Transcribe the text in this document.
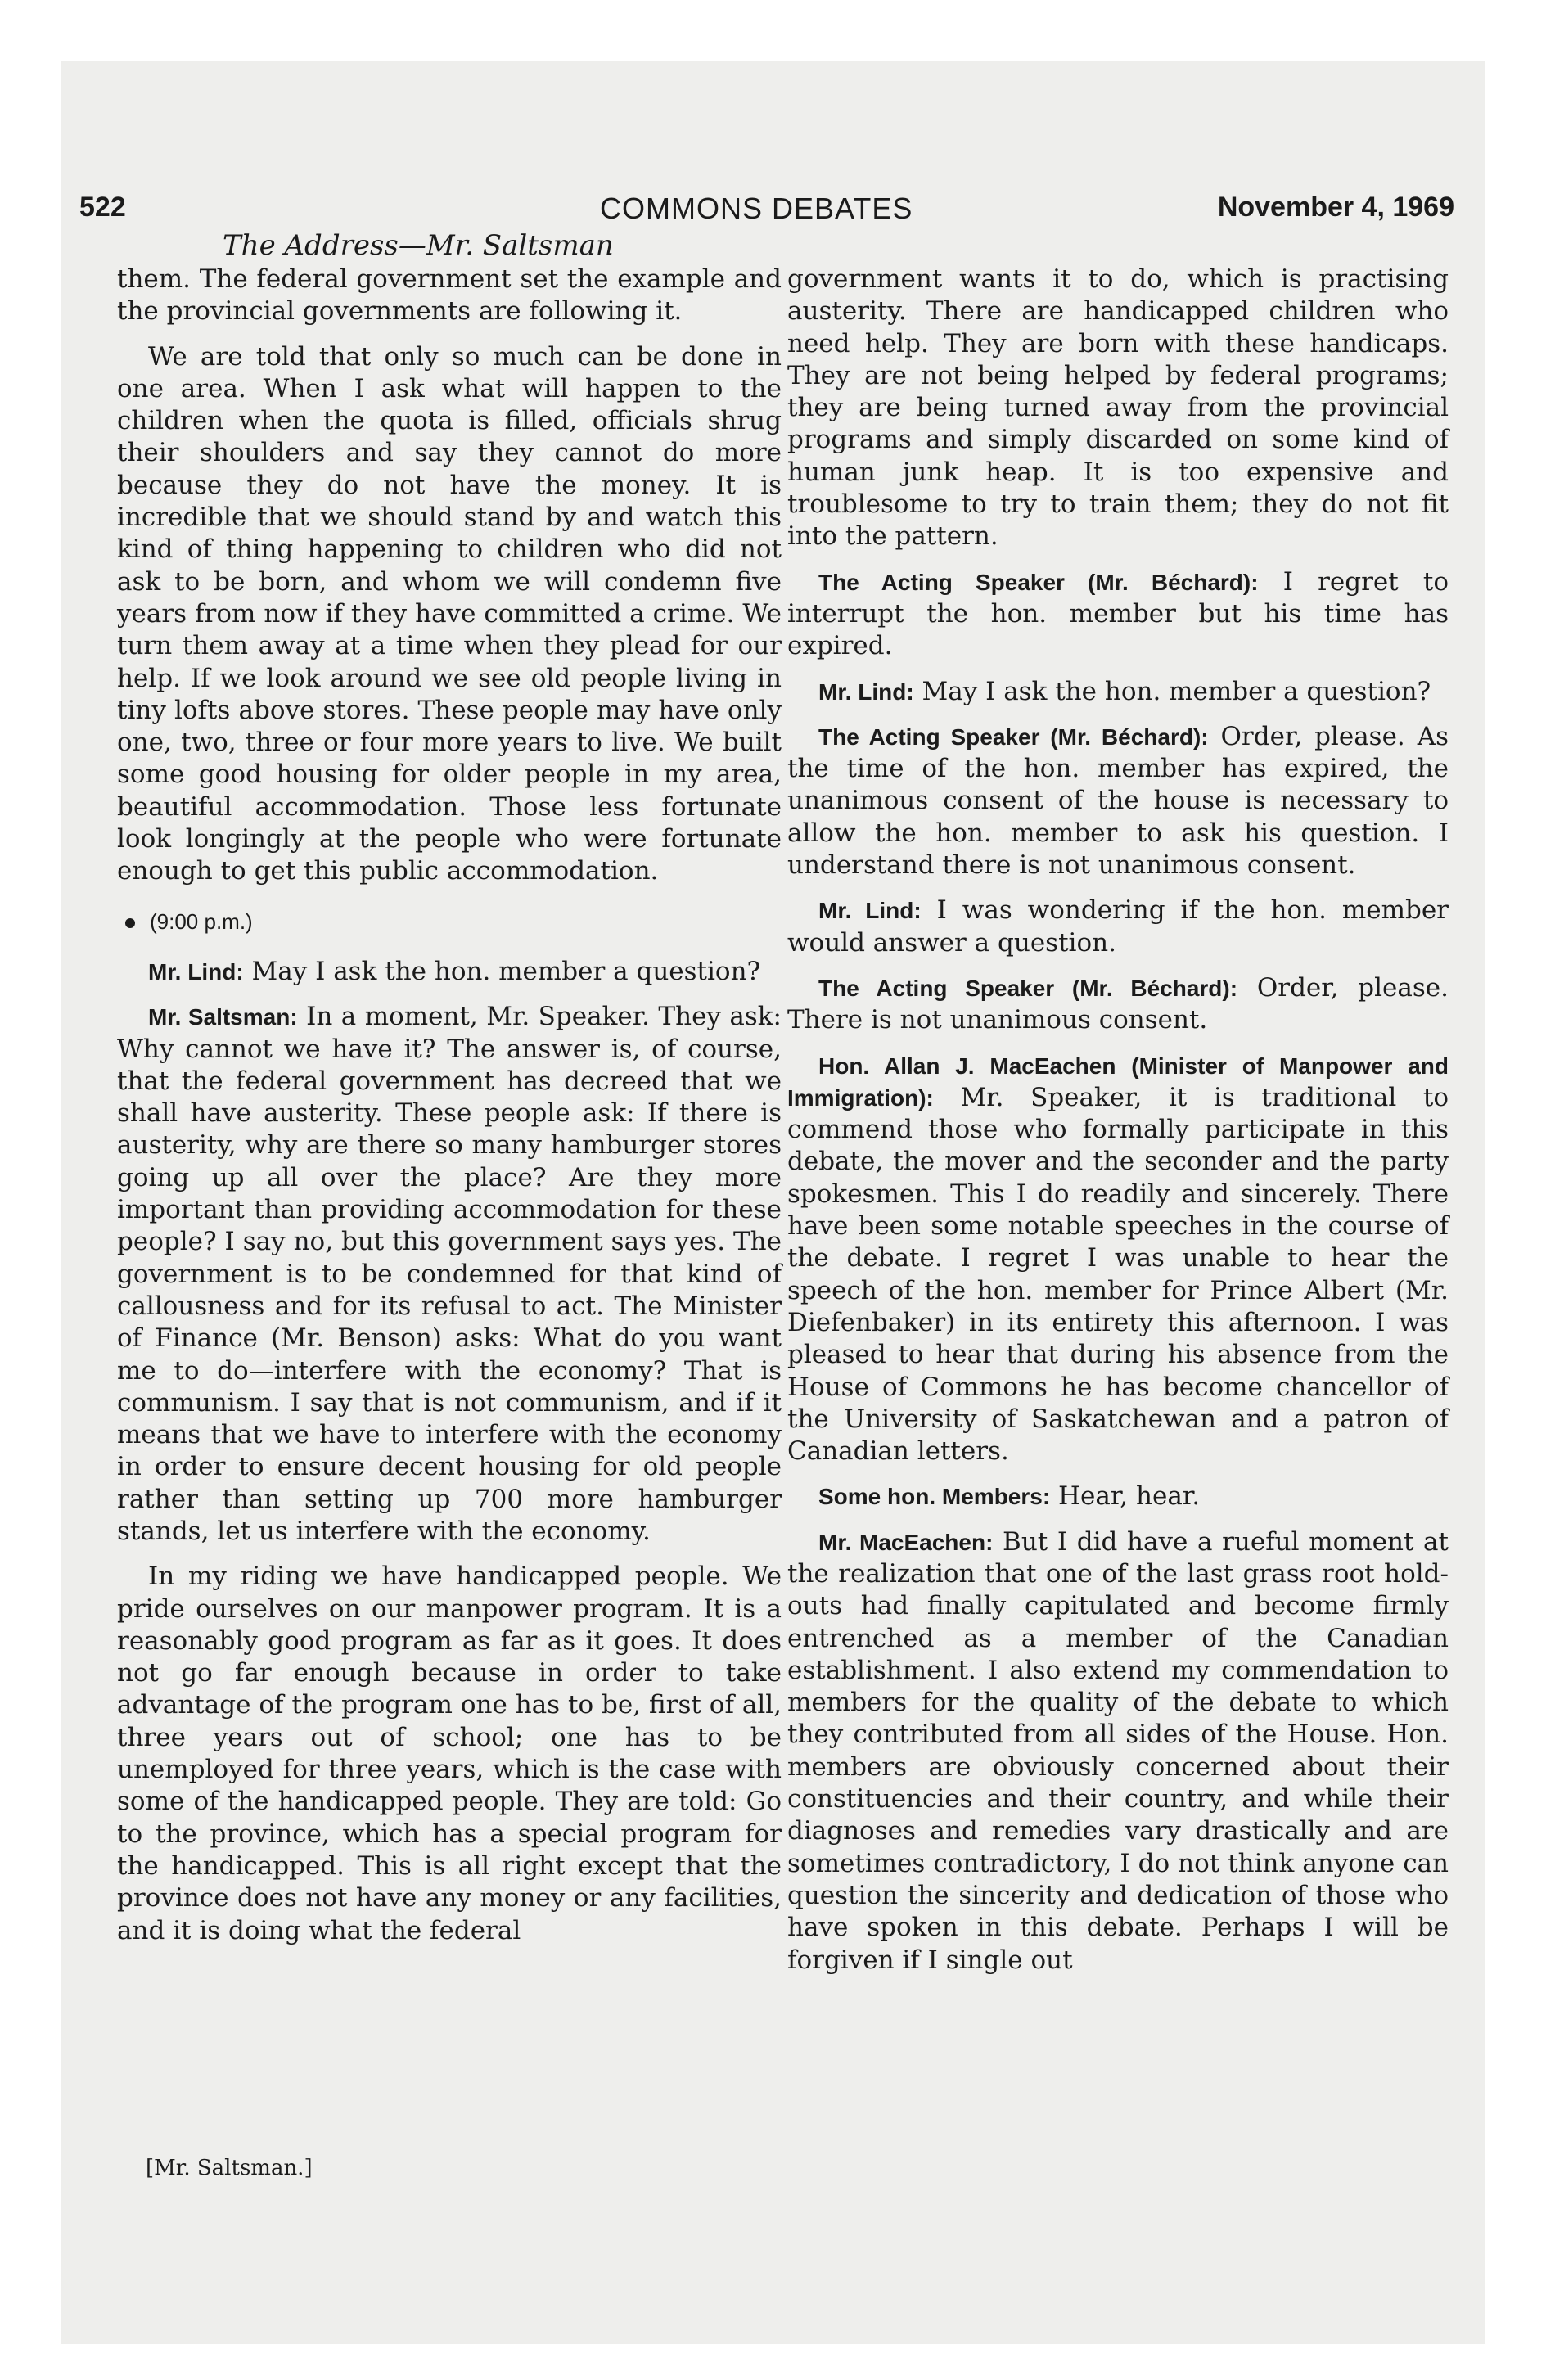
522	COMMONS DEBATES	November 4, 1969
The Address—Mr. Saltsman

them. The federal government set the example and the provincial governments are following it.

We are told that only so much can be done in one area. When I ask what will happen to the children when the quota is filled, officials shrug their shoulders and say they cannot do more because they do not have the money. It is incredible that we should stand by and watch this kind of thing happening to children who did not ask to be born, and whom we will condemn five years from now if they have committed a crime. We turn them away at a time when they plead for our help. If we look around we see old people living in tiny lofts above stores. These people may have only one, two, three or four more years to live. We built some good housing for older people in my area, beautiful accommodation. Those less fortunate look longingly at the people who were fortunate enough to get this public accommodation.

(9:00 p.m.)

Mr. Lind: May I ask the hon. member a question?

Mr. Saltsman: In a moment, Mr. Speaker. They ask: Why cannot we have it? The answer is, of course, that the federal government has decreed that we shall have austerity. These people ask: If there is austerity, why are there so many hamburger stores going up all over the place? Are they more important than providing accommodation for these people? I say no, but this government says yes. The government is to be condemned for that kind of callousness and for its refusal to act. The Minister of Finance (Mr. Benson) asks: What do you want me to do—interfere with the economy? That is communism. I say that is not communism, and if it means that we have to interfere with the economy in order to ensure decent housing for old people rather than setting up 700 more hamburger stands, let us interfere with the economy.

In my riding we have handicapped people. We pride ourselves on our manpower program. It is a reasonably good program as far as it goes. It does not go far enough because in order to take advantage of the program one has to be, first of all, three years out of school; one has to be unemployed for three years, which is the case with some of the handicapped people. They are told: Go to the province, which has a special program for the handicapped. This is all right except that the province does not have any money or any facilities, and it is doing what the federal

government wants it to do, which is practising austerity. There are handicapped children who need help. They are born with these handicaps. They are not being helped by federal programs; they are being turned away from the provincial programs and simply discarded on some kind of human junk heap. It is too expensive and troublesome to try to train them; they do not fit into the pattern.

The Acting Speaker (Mr. Béchard): I regret to interrupt the hon. member but his time has expired.

Mr. Lind: May I ask the hon. member a question?

The Acting Speaker (Mr. Béchard): Order, please. As the time of the hon. member has expired, the unanimous consent of the house is necessary to allow the hon. member to ask his question. I understand there is not unanimous consent.

Mr. Lind: I was wondering if the hon. member would answer a question.

The Acting Speaker (Mr. Béchard): Order, please. There is not unanimous consent.

Hon. Allan J. MacEachen (Minister of Manpower and Immigration): Mr. Speaker, it is traditional to commend those who formally participate in this debate, the mover and the seconder and the party spokesmen. This I do readily and sincerely. There have been some notable speeches in the course of the debate. I regret I was unable to hear the speech of the hon. member for Prince Albert (Mr. Diefenbaker) in its entirety this afternoon. I was pleased to hear that during his absence from the House of Commons he has become chancellor of the University of Saskatchewan and a patron of Canadian letters.

Some hon. Members: Hear, hear.

Mr. MacEachen: But I did have a rueful moment at the realization that one of the last grass root hold-outs had finally capitulated and become firmly entrenched as a member of the Canadian establishment. I also extend my commendation to members for the quality of the debate to which they contributed from all sides of the House. Hon. members are obviously concerned about their constituencies and their country, and while their diagnoses and remedies vary drastically and are sometimes contradictory, I do not think anyone can question the sincerity and dedication of those who have spoken in this debate. Perhaps I will be forgiven if I single out

[Mr. Saltsman.]
